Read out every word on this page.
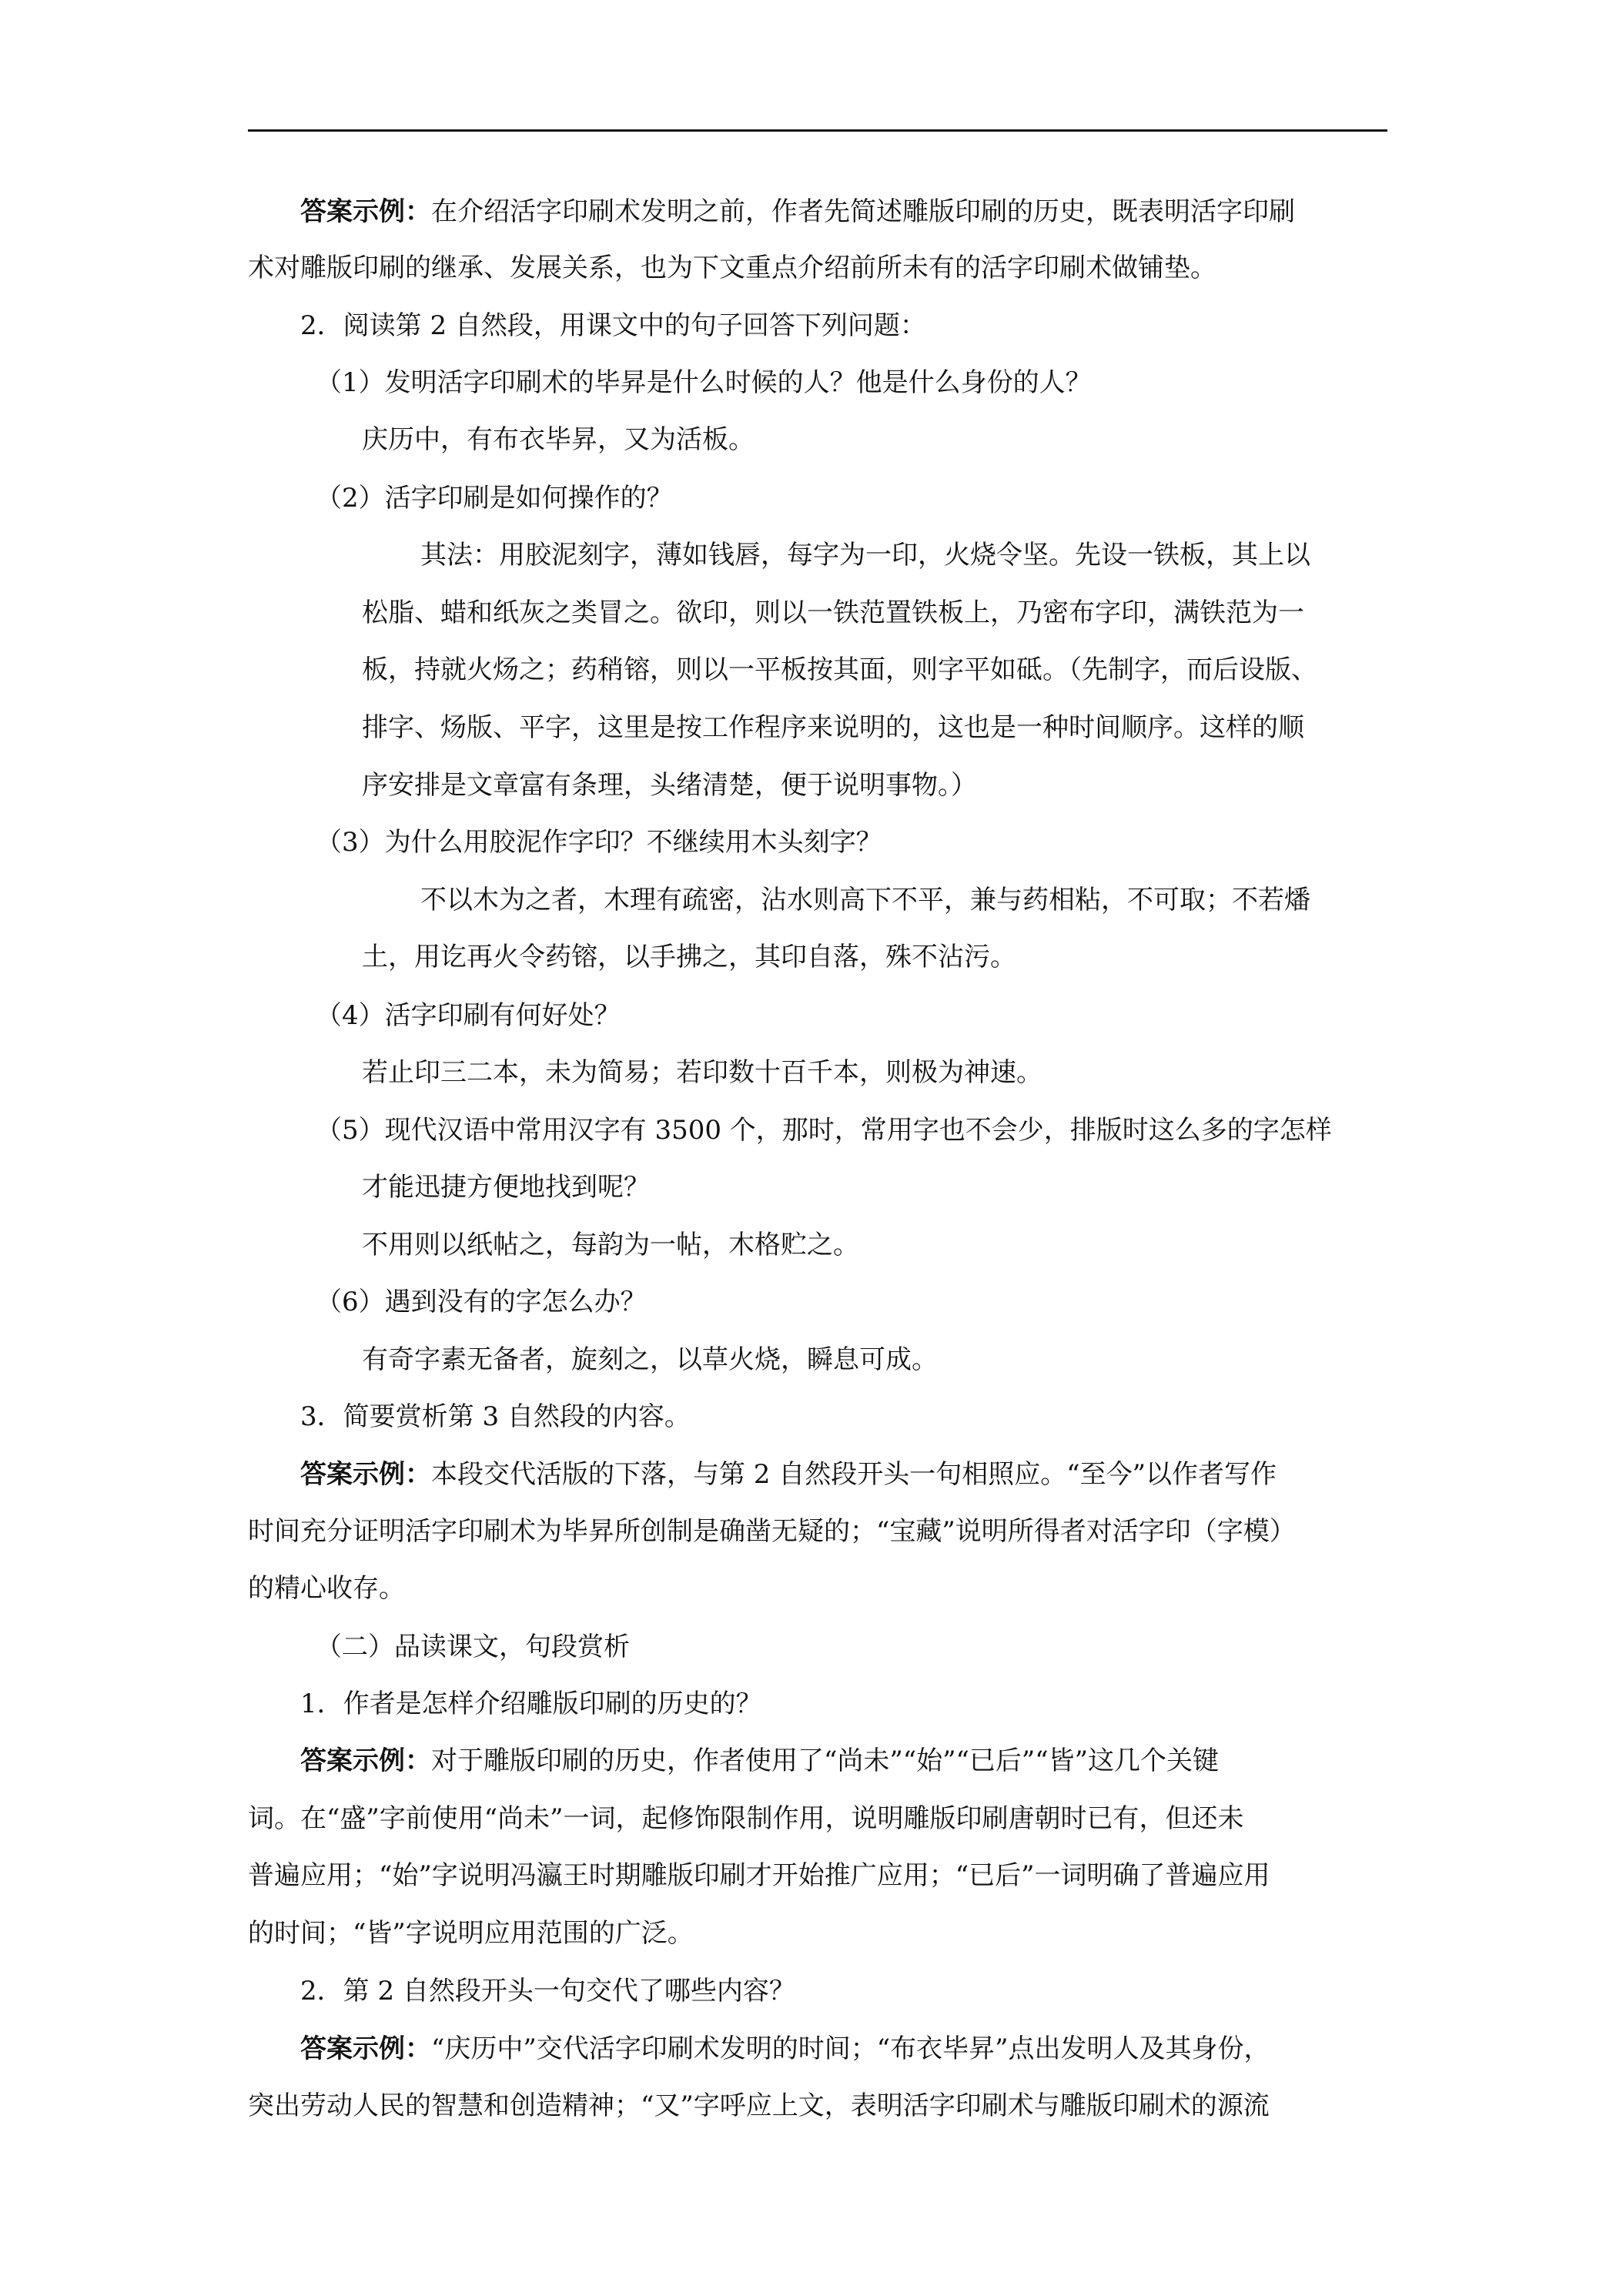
答案示例：在介绍活字印刷术发明之前，作者先简述雕版印刷的历史，既表明活字印刷
术对雕版印刷的继承、发展关系，也为下文重点介绍前所未有的活字印刷术做铺垫。
2．阅读第 2 自然段，用课文中的句子回答下列问题：
（1）发明活字印刷术的毕昇是什么时候的人？他是什么身份的人？
庆历中，有布衣毕昇，又为活板。
（2）活字印刷是如何操作的？
其法：用胶泥刻字，薄如钱唇，每字为一印，火烧令坚。先设一铁板，其上以
松脂、蜡和纸灰之类冒之。欲印，则以一铁范置铁板上，乃密布字印，满铁范为一
板，持就火炀之；药稍镕，则以一平板按其面，则字平如砥。（先制字，而后设版、
排字、炀版、平字，这里是按工作程序来说明的，这也是一种时间顺序。这样的顺
序安排是文章富有条理，头绪清楚，便于说明事物。）
（3）为什么用胶泥作字印？不继续用木头刻字？
不以木为之者，木理有疏密，沾水则高下不平，兼与药相粘，不可取；不若燔
土，用讫再火令药镕，以手拂之，其印自落，殊不沾污。
（4）活字印刷有何好处？
若止印三二本，未为简易；若印数十百千本，则极为神速。
（5）现代汉语中常用汉字有 3500 个，那时，常用字也不会少，排版时这么多的字怎样
才能迅捷方便地找到呢？
不用则以纸帖之，每韵为一帖，木格贮之。
（6）遇到没有的字怎么办？
有奇字素无备者，旋刻之，以草火烧，瞬息可成。
3．简要赏析第 3 自然段的内容。
答案示例：本段交代活版的下落，与第 2 自然段开头一句相照应。“至今”以作者写作
时间充分证明活字印刷术为毕昇所创制是确凿无疑的；“宝藏”说明所得者对活字印（字模）
的精心收存。
（二）品读课文，句段赏析
1．作者是怎样介绍雕版印刷的历史的？
答案示例：对于雕版印刷的历史，作者使用了“尚未”“始”“已后”“皆”这几个关键
词。在“盛”字前使用“尚未”一词，起修饰限制作用，说明雕版印刷唐朝时已有，但还未
普遍应用；“始”字说明冯瀛王时期雕版印刷才开始推广应用；“已后”一词明确了普遍应用
的时间；“皆”字说明应用范围的广泛。
2．第 2 自然段开头一句交代了哪些内容？
答案示例：“庆历中”交代活字印刷术发明的时间；“布衣毕昇”点出发明人及其身份，
突出劳动人民的智慧和创造精神；“又”字呼应上文，表明活字印刷术与雕版印刷术的源流
